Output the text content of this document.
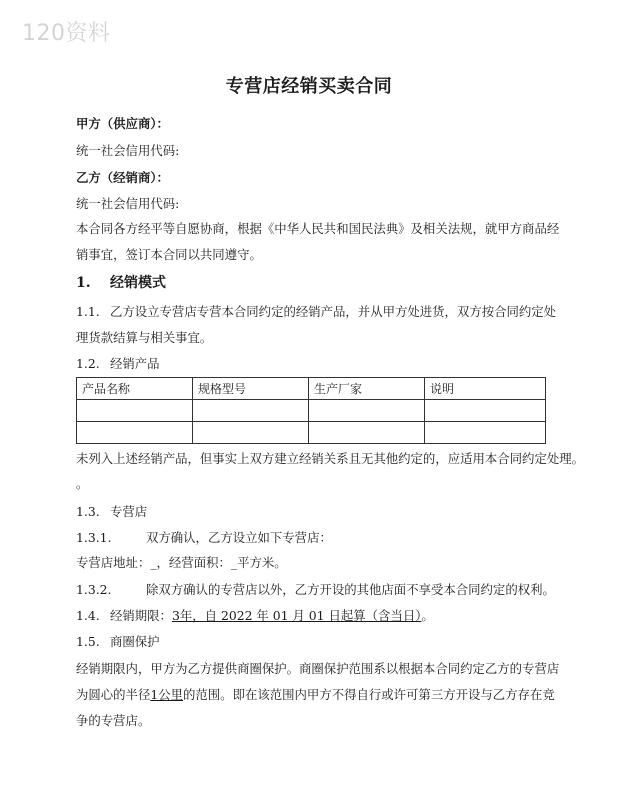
120资料
专营店经销买卖合同
甲方（供应商）：
统一社会信用代码:
乙方（经销商）：
统一社会信用代码:
本合同各方经平等自愿协商，根据《中华人民共和国民法典》及相关法规，就甲方商品经
销事宜，签订本合同以共同遵守。
1. 经销模式
1.1. 乙方设立专营店专营本合同约定的经销产品，并从甲方处进货，双方按合同约定处
理货款结算与相关事宜。
1.2. 经销产品
产品名称	规格型号	生产厂家	说明

未列入上述经销产品，但事实上双方建立经销关系且无其他约定的，应适用本合同约定处理。
。
1.3. 专营店
1.3.1.	双方确认，乙方设立如下专营店：
专营店地址：_，经营面积：_平方米。
1.3.2.	除双方确认的专营店以外，乙方开设的其他店面不享受本合同约定的权利。
1.4. 经销期限：3年，自 2022 年 01 月 01 日起算（含当日）。
1.5. 商圈保护
经销期限内，甲方为乙方提供商圈保护。商圈保护范围系以根据本合同约定乙方的专营店
为圆心的半径1公里的范围。即在该范围内甲方不得自行或许可第三方开设与乙方存在竞
争的专营店。
